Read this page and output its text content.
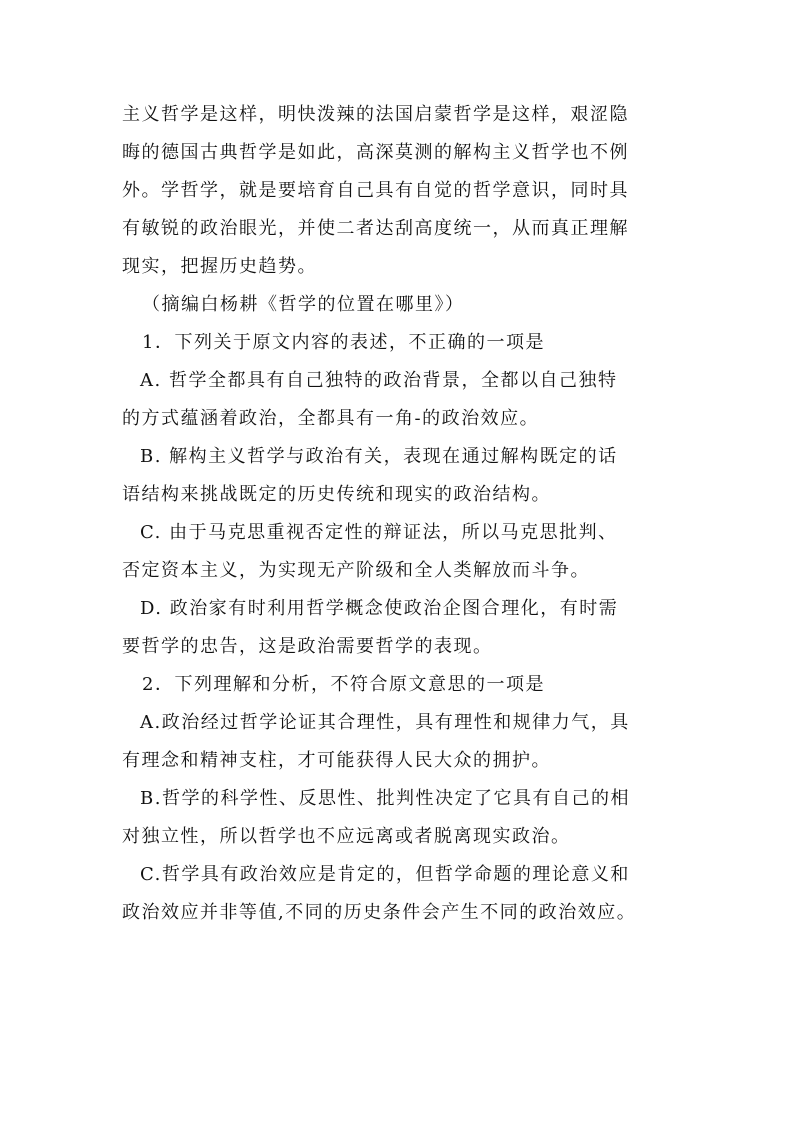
主义哲学是这样，明快泼辣的法国启蒙哲学是这样，艰涩隐
晦的德国古典哲学是如此，高深莫测的解构主义哲学也不例
外。学哲学，就是要培育自己具有自觉的哲学意识，同时具
有敏锐的政治眼光，并使二者达刮高度统一，从而真正理解
现实，把握历史趋势。
（摘编白杨耕《哲学的位置在哪里》）
1．下列关于原文内容的表述，不正确的一项是
A. 哲学全都具有自己独特的政治背景，全都以自己独特
的方式蕴涵着政治，全都具有一角-的政治效应。
B. 解构主义哲学与政治有关，表现在通过解构既定的话
语结构来挑战既定的历史传统和现实的政治结构。
C. 由于马克思重视否定性的辩证法，所以马克思批判、
否定资本主义，为实现无产阶级和全人类解放而斗争。
D. 政治家有时利用哲学概念使政治企图合理化，有时需
要哲学的忠告，这是政治需要哲学的表现。
2．下列理解和分析，不符合原文意思的一项是
A.政治经过哲学论证其合理性，具有理性和规律力气，具
有理念和精神支柱，才可能获得人民大众的拥护。
B.哲学的科学性、反思性、批判性决定了它具有自己的相
对独立性，所以哲学也不应远离或者脱离现实政治。
C.哲学具有政治效应是肯定的，但哲学命题的理论意义和
政治效应并非等值,不同的历史条件会产生不同的政治效应。
